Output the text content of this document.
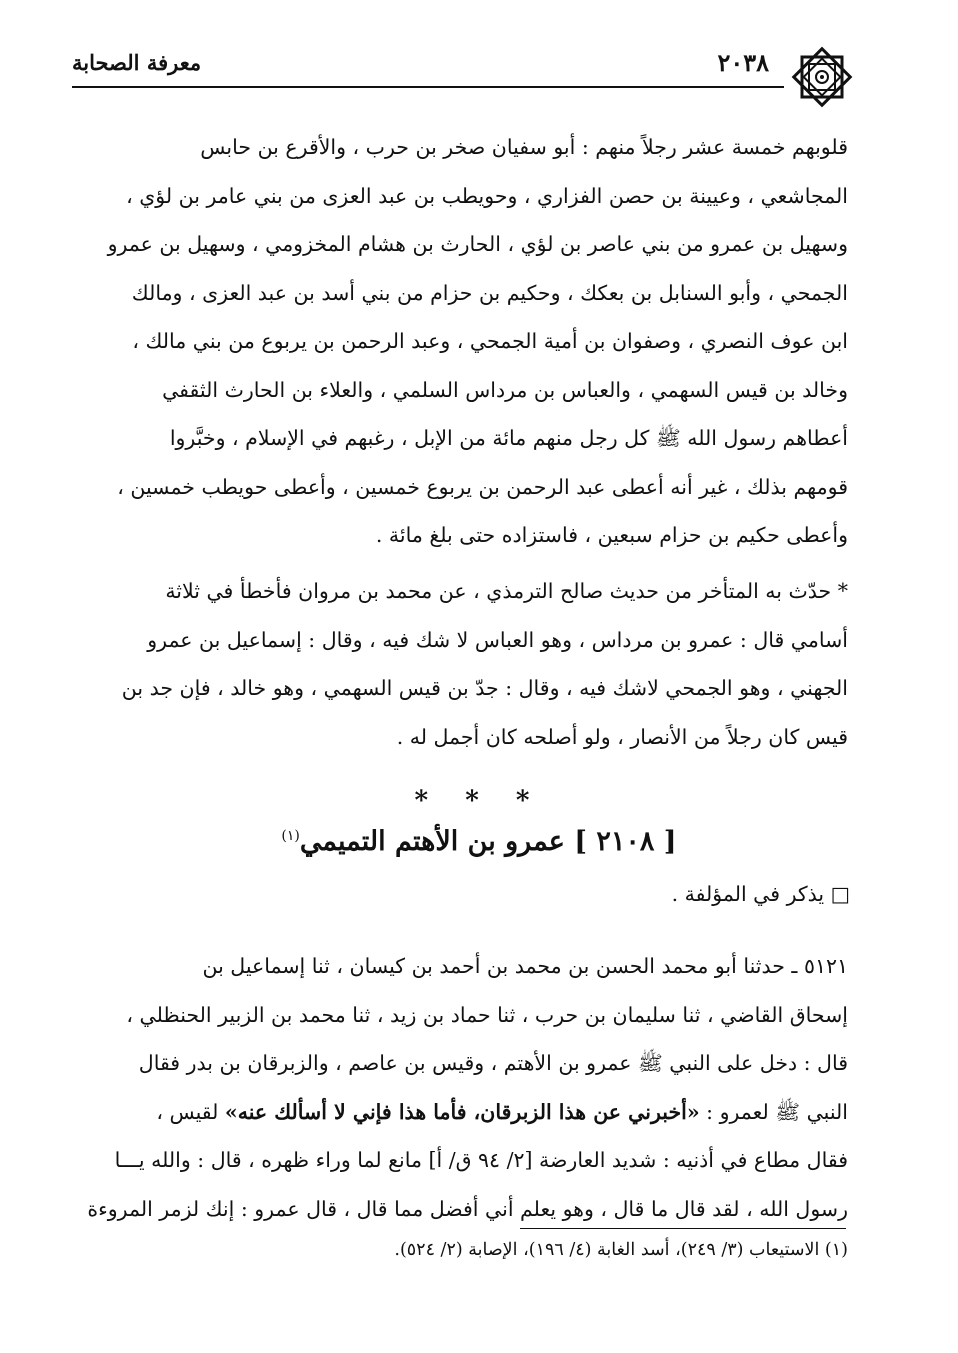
معرفة الصحابة	٢٠٣٨
قلوبهم خمسة عشر رجلاً منهم : أبو سفيان صخر بن حرب ، والأقرع بن حابس
المجاشعي ، وعيينة بن حصن الفزاري ، وحويطب بن عبد العزى من بني عامر بن لؤي ،
وسهيل بن عمرو من بني عاصر بن لؤي ، الحارث بن هشام المخزومي ، وسهيل بن عمرو
الجمحي ، وأبو السنابل بن بعكك ، وحكيم بن حزام من بني أسد بن عبد العزى ، ومالك
ابن عوف النصري ، وصفوان بن أمية الجمحي ، وعبد الرحمن بن يربوع من بني مالك ،
وخالد بن قيس السهمي ، والعباس بن مرداس السلمي ، والعلاء بن الحارث الثقفي
أعطاهم رسول الله ﷺ كل رجل منهم مائة من الإبل ، رغبهم في الإسلام ، وخبَّروا
قومهم بذلك ، غير أنه أعطى عبد الرحمن بن يربوع خمسين ، وأعطى حويطب خمسين ،
وأعطى حكيم بن حزام سبعين ، فاستزاده حتى بلغ مائة .
* حدّث به المتأخر من حديث صالح الترمذي ، عن محمد بن مروان فأخطأ في ثلاثة
أسامي قال : عمرو بن مرداس ، وهو العباس لا شك فيه ، وقال : إسماعيل بن عمرو
الجهني ، وهو الجمحي لاشك فيه ، وقال : جدّ بن قيس السهمي ، وهو خالد ، فإن جد بن
قيس كان رجلاً من الأنصار ، ولو أصلحه كان أجمل له .
* * *
[ ٢١٠٨ ] عمرو بن الأهتم التميمي$^{(١)}$
□ يذكر في المؤلفة .
٥١٢١ ـ حدثنا أبو محمد الحسن بن محمد بن أحمد بن كيسان ، ثنا إسماعيل بن
إسحاق القاضي ، ثنا سليمان بن حرب ، ثنا حماد بن زيد ، ثنا محمد بن الزبير الحنظلي ،
قال : دخل على النبي ﷺ عمرو بن الأهتم ، وقيس بن عاصم ، والزبرقان بن بدر فقال
النبي ﷺ لعمرو : «أخبرني عن هذا الزبرقان، فأما هذا فإني لا أسألك عنه» لقيس ،
فقال مطاع في أذنيه : شديد العارضة [٢/ ٩٤ ق/ أ] مانع لما وراء ظهره ، قال : والله يـــا
رسول الله ، لقد قال ما قال ، وهو يعلم أني أفضل مما قال ، قال عمرو : إنك لزمر المروءة
(١) الاستيعاب (٣/ ٢٤٩)، أسد الغابة (٤/ ١٩٦)، الإصابة (٢/ ٥٢٤).
